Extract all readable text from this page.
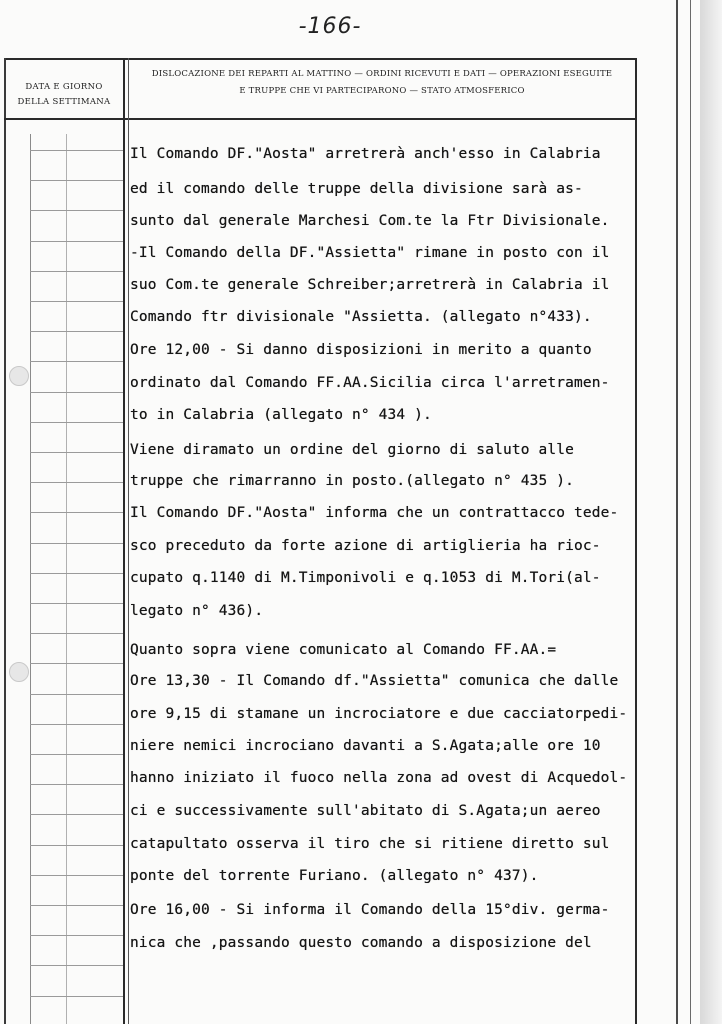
-166-
DATA E GIORNO
DELLA SETTIMANA
DISLOCAZIONE DEI REPARTI AL MATTINO — ORDINI RICEVUTI E DATI — OPERAZIONI ESEGUITE
E TRUPPE CHE VI PARTECIPARONO — STATO ATMOSFERICO
Il Comando DF."Aosta" arretrerà anch'esso in Calabria
ed il comando delle truppe della divisione sarà as-
sunto dal generale Marchesi Com.te la Ftr Divisionale.
-Il Comando della DF."Assietta" rimane in posto con il
suo Com.te generale Schreiber;arretrerà in Calabria il
Comando ftr divisionale "Assietta. (allegato n°433).
Ore 12,00 - Si danno disposizioni in merito a quanto
ordinato dal Comando FF.AA.Sicilia circa l'arretramen-
to in Calabria (allegato n° 434 ).
Viene diramato un ordine del giorno di saluto alle
truppe che rimarranno in posto.(allegato n° 435 ).
Il Comando DF."Aosta" informa che un contrattacco tede-
sco preceduto da forte azione di artiglieria ha rioc-
cupato q.1140 di M.Timponivoli e q.1053 di M.Tori(al-
legato n° 436).
Quanto sopra viene comunicato al Comando FF.AA.=
Ore 13,30 - Il Comando df."Assietta" comunica che dalle
ore 9,15 di stamane un incrociatore e due cacciatorpedi-
niere nemici incrociano davanti a S.Agata;alle ore 10
hanno iniziato il fuoco nella zona ad ovest di Acquedol-
ci e successivamente sull'abitato di S.Agata;un aereo
catapultato osserva il tiro che si ritiene diretto sul
ponte del torrente Furiano. (allegato n° 437).
Ore 16,00 - Si informa il Comando della 15°div. germa-
nica che ,passando questo comando a disposizione del
